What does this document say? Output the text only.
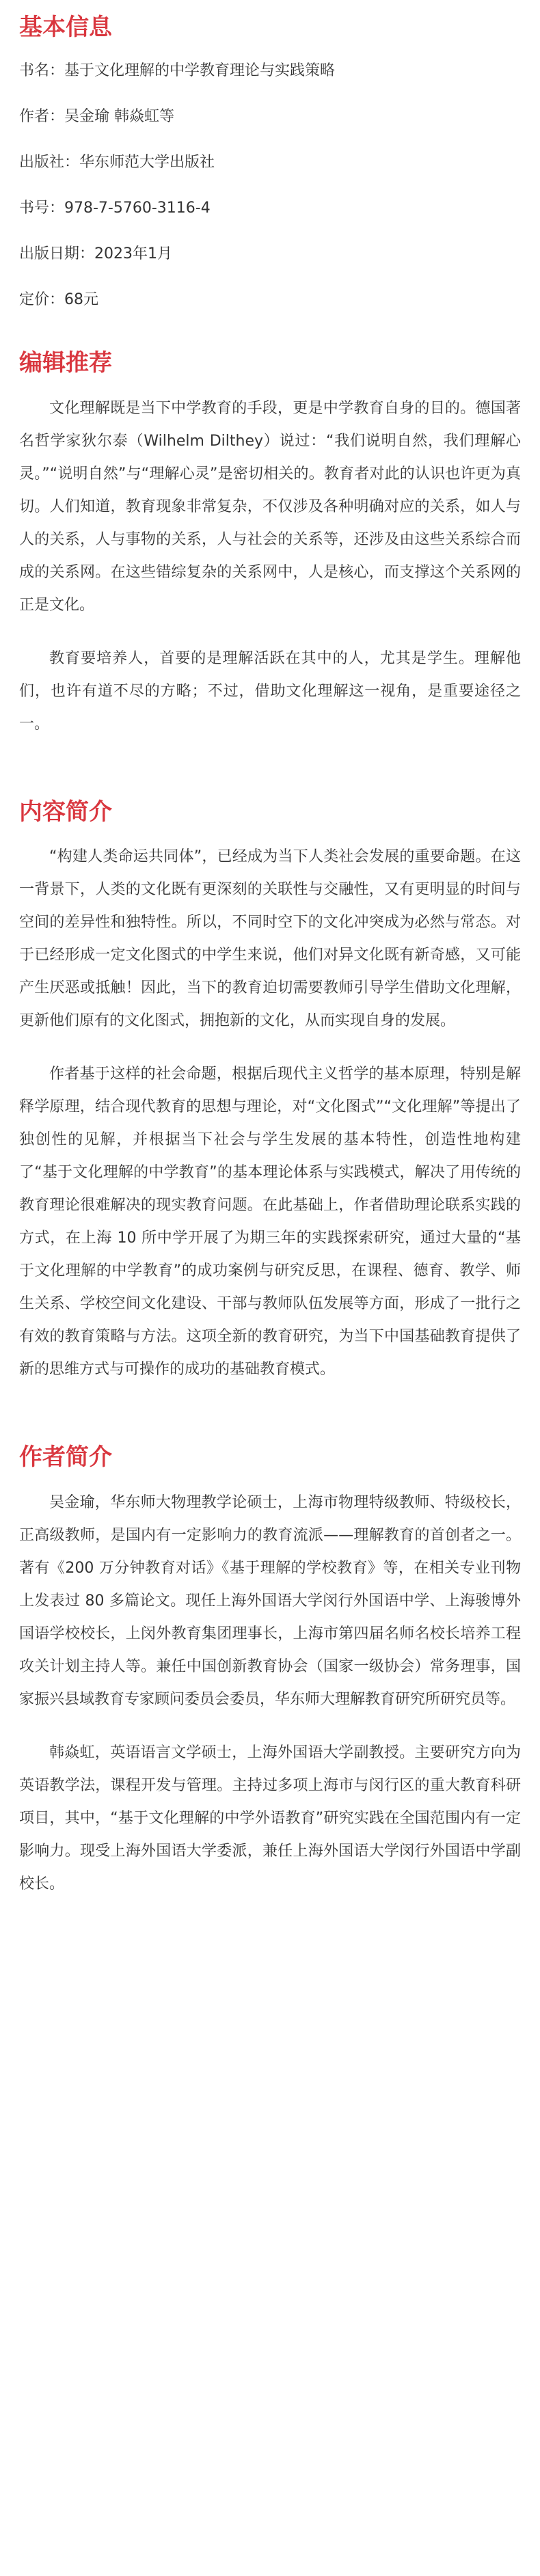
基本信息

书名：基于文化理解的中学教育理论与实践策略

作者：吴金瑜 韩焱虹等

出版社：华东师范大学出版社

书号：978-7-5760-3116-4

出版日期：2023年1月

定价：68元

编辑推荐

文化理解既是当下中学教育的手段，更是中学教育自身的目的。德国著名哲学家狄尔泰（Wilhelm Dilthey）说过：“我们说明自然，我们理解心灵。”“说明自然”与“理解心灵”是密切相关的。教育者对此的认识也许更为真切。人们知道，教育现象非常复杂，不仅涉及各种明确对应的关系，如人与人的关系，人与事物的关系，人与社会的关系等，还涉及由这些关系综合而成的关系网。在这些错综复杂的关系网中，人是核心，而支撑这个关系网的正是文化。

教育要培养人，首要的是理解活跃在其中的人，尤其是学生。理解他们，也许有道不尽的方略；不过，借助文化理解这一视角，是重要途径之一。

内容简介

“构建人类命运共同体”，已经成为当下人类社会发展的重要命题。在这一背景下，人类的文化既有更深刻的关联性与交融性，又有更明显的时间与空间的差异性和独特性。所以，不同时空下的文化冲突成为必然与常态。对于已经形成一定文化图式的中学生来说，他们对异文化既有新奇感，又可能产生厌恶或抵触！因此，当下的教育迫切需要教师引导学生借助文化理解，更新他们原有的文化图式，拥抱新的文化，从而实现自身的发展。

作者基于这样的社会命题，根据后现代主义哲学的基本原理，特别是解释学原理，结合现代教育的思想与理论，对“文化图式”“文化理解”等提出了独创性的见解，并根据当下社会与学生发展的基本特性，创造性地构建了“基于文化理解的中学教育”的基本理论体系与实践模式，解决了用传统的教育理论很难解决的现实教育问题。在此基础上，作者借助理论联系实践的方式，在上海 10 所中学开展了为期三年的实践探索研究，通过大量的“基于文化理解的中学教育”的成功案例与研究反思，在课程、德育、教学、师生关系、学校空间文化建设、干部与教师队伍发展等方面，形成了一批行之有效的教育策略与方法。这项全新的教育研究，为当下中国基础教育提供了新的思维方式与可操作的成功的基础教育模式。

作者简介

吴金瑜，华东师大物理教学论硕士，上海市物理特级教师、特级校长，正高级教师，是国内有一定影响力的教育流派——理解教育的首创者之一。著有《200 万分钟教育对话》《基于理解的学校教育》等，在相关专业刊物上发表过 80 多篇论文。现任上海外国语大学闵行外国语中学、上海骏博外国语学校校长，上闵外教育集团理事长，上海市第四届名师名校长培养工程攻关计划主持人等。兼任中国创新教育协会（国家一级协会）常务理事，国家振兴县域教育专家顾问委员会委员，华东师大理解教育研究所研究员等。

韩焱虹，英语语言文学硕士，上海外国语大学副教授。主要研究方向为英语教学法，课程开发与管理。主持过多项上海市与闵行区的重大教育科研项目，其中，“基于文化理解的中学外语教育”研究实践在全国范围内有一定影响力。现受上海外国语大学委派，兼任上海外国语大学闵行外国语中学副校长。
